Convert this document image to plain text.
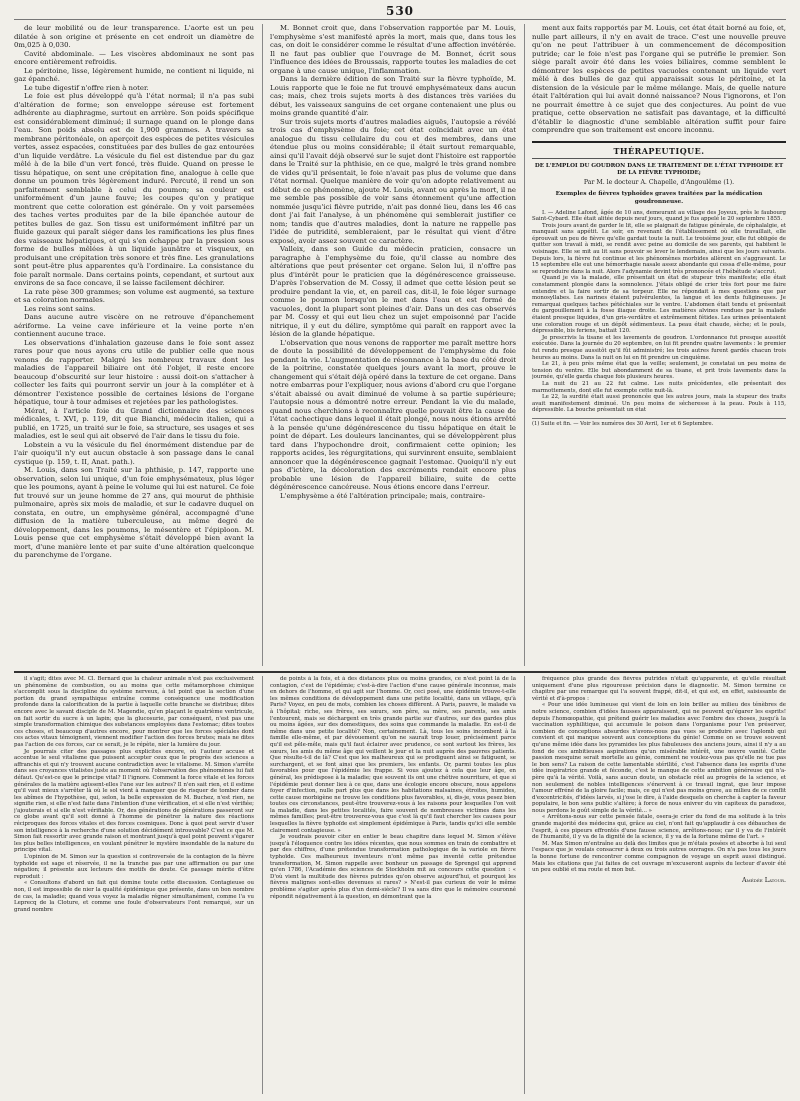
530

de leur mobilité ou de leur transparence. L'aorte est un peu dilatée à son origine et présente en cet endroit un diamètre de 0m,025 à 0,030.

Cavité abdominale. — Les viscères abdominaux ne sont pas encore entièrement refroidis.

Le péritoine, lisse, légèrement humide, ne contient ni liquide, ni gaz épanché.

Le tube digestif n'offre rien à noter.

Le foie est plus développé qu'à l'état normal; il n'a pas subi d'altération de forme; son enveloppe séreuse est fortement adhérente au diaphragme, surtout en arrière. Son poids spécifique est considérablement diminué; il surnage quand on le plonge dans l'eau. Son poids absolu est de 1,900 grammes. A travers sa membrane péritonéale, on aperçoit des espèces de petites vésicules vertes, assez espacées, constituées par des bulles de gaz entourées d'un liquide verdâtre. La vésicule du fiel est distendue par du gaz mêlé à de la bile d'un vert foncé, très fluide. Quand on presse le tissu hépatique, on sent une crépitation fine, analogue à celle que donne un poumon très légèrement induré. Percuté, il rend un son parfaitement semblable à celui du poumon; sa couleur est uniformément d'un jaune fauve; les coupes qu'on y pratique montrent que cette coloration est générale. On y voit parsemées des taches vertes produites par de la bile épanchée autour de petites bulles de gaz. Son tissu est uniformément infiltré par un fluide gazeux qui paraît siéger dans les ramifications les plus fines des vaisseaux hépatiques, et qui s'en échappe par la pression sous forme de bulles mêlées à un liquide jaunâtre et visqueux, en produisant une crépitation très sonore et très fine. Les granulations sont peut-être plus apparentes qu'à l'ordinaire. La consistance du foie paraît normale. Dans certains points, cependant, et surtout aux environs de sa face concave, il se laisse facilement déchirer.

La rate pèse 300 grammes; son volume est augmenté, sa texture et sa coloration normales.

Les reins sont sains.

Dans aucune autre viscère on ne retrouve d'épanchement aériforme. La veine cave inférieure et la veine porte n'en contiennent aucune trace.

Les observations d'inhalation gazeuse dans le foie sont assez rares pour que nous ayons cru utile de publier celle que nous venons de rapporter. Malgré les nombreux travaux dont les maladies de l'appareil biliaire ont été l'objet, il reste encore beaucoup d'obscurité sur leur histoire : aussi doit-on s'attacher à collecter les faits qui pourront servir un jour à la compléter et à démontrer l'existence possible de certaines lésions de l'organe hépatique, tour à tour admises et rejetées par les pathologistes.

Mérat, à l'article foie du Grand dictionnaire des sciences médicales, t. XVI, p. 119, dit que Bianchi, médecin italien, qui a publié, en 1725, un traité sur le foie, sa structure, ses usages et ses maladies, est le seul qui ait observé de l'air dans le tissu du foie.

Lobstein a vu la vésicule du fiel énormément distendue par de l'air quoiqu'il n'y eut aucun obstacle à son passage dans le canal cystique (p. 159, t. II, Anat. path.).

M. Louis, dans son Traité sur la phthisie, p. 147, rapporte une observation, selon lui unique, d'un foie emphysémateux, plus léger que les poumons, ayant à peine le volume qui lui est naturel. Ce foie fut trouvé sur un jeune homme de 27 ans, qui mourut de phthisie pulmonaire, après six mois de maladie, et sur le cadavre duquel on constata, en outre, un emphysème général, accompagné d'une diffusion de la matière tuberculeuse, au même degré de développement, dans les poumons, le mésentère et l'épiploon. M. Louis pense que cet emphysème s'était développé bien avant la mort, d'une manière lente et par suite d'une altération quelconque du parenchyme de l'organe.

M. Bonnet croit que, dans l'observation rapportée par M. Louis, l'emphysème s'est manifesté après la mort, mais que, dans tous les cas, on doit le considérer comme le résultat d'une affection invétérée. Il ne faut pas oublier que l'ouvrage de M. Bonnet, écrit sous l'influence des idées de Broussais, rapporte toutes les maladies de cet organe à une cause unique, l'inflammation.

Dans la dernière édition de son Traité sur la fièvre typhoïde, M. Louis rapporte que le foie ne fut trouvé emphysémateux dans aucun cas; mais, chez trois sujets morts à des distances très variées du début, les vaisseaux sanguins de cet organe contenaient une plus ou moins grande quantité d'air.

Sur trois sujets morts d'autres maladies aiguës, l'autopsie a révélé trois cas d'emphysème du foie; cet état coïncidait avec un état analogue du tissu cellulaire du cou et des membres, dans une étendue plus ou moins considérable; il était surtout remarquable, ainsi qu'il l'avait déjà observé sur le sujet dont l'histoire est rapportée dans le Traité sur la phthisie, en ce que, malgré le très grand nombre de vides qu'il présentait, le foie n'avait pas plus de volume que dans l'état normal. Quelque manière de voir qu'on adopte relativement au début de ce phénomène, ajoute M. Louis, avant ou après la mort, il ne me semble pas possible de voir sans étonnement qu'une affection nommée jusqu'ici fièvre putride, n'ait pas donné lieu, dans les 46 cas dont j'ai fait l'analyse, à un phénomène qui semblerait justifier ce nom; tandis que d'autres maladies, dont la nature ne rappelle pas l'idée de putridité, sembleraient, par le résultat qui vient d'être exposé, avoir assez souvent ce caractère.

Valleix, dans son Guide du médecin praticien, consacre un paragraphe à l'emphysème du foie, qu'il classe au nombre des altérations que peut présenter cet organe. Selon lui, il n'offre pas plus d'intérêt pour le praticien que la dégénérescence graisseuse. D'après l'observation de M. Cossy, il admet que cette lésion peut se produire pendant la vie, et, en pareil cas, dit-il, le foie léger surnage comme le poumon lorsqu'on le met dans l'eau et est formé de vacuoles, dont la plupart sont pleines d'air. Dans un des cas observés par M. Cossy et qui eut lieu chez un sujet empoisonné par l'acide nitrique, il y eut du délire, symptôme qui paraît en rapport avec la lésion de la glande hépatique.

L'observation que nous venons de rapporter me paraît mettre hors de doute la possibilité de développement de l'emphysème du foie pendant la vie. L'augmentation de résonnance à la base du côté droit de la poitrine, constatée quelques jours avant la mort, prouve le changement qui s'était déjà opéré dans la texture de cet organe. Dans notre embarras pour l'expliquer, nous avions d'abord cru que l'organe s'était abaissé ou avait diminué de volume à sa partie supérieure; l'autopsie nous a démontré notre erreur. Pendant la vie du malade, quand nous cherchions à reconnaître quelle pouvait être la cause de l'état cachectique dans lequel il était plongé, nous nous étions arrêté à la pensée qu'une dégénérescence du tissu hépatique en était le point de départ. Les douleurs lancinantes, qui se développèrent plus tard dans l'hypochondre droit, confirmaient cette opinion; les rapports acides, les régurgitations, qui survinrent ensuite, semblaient annoncer que la dégénérescence gagnait l'estomac. Quoiqu'il n'y eut pas d'ictère, la décoloration des excréments rendait encore plus probable une lésion de l'appareil biliaire, suite de cette dégénérescence cancéreuse. Nous étions encore dans l'erreur.

L'emphysème a été l'altération principale; mais, contraire-

ment aux faits rapportés par M. Louis, cet état était borné au foie, et, nulle part ailleurs, il n'y en avait de trace. C'est une nouvelle preuve qu'on ne peut l'attribuer à un commencement de décomposition putride; car le foie n'est pas l'organe qui se putréfie le premier. Son siège paraît avoir été dans les voies biliaires, comme semblent le démontrer les espèces de petites vacuoles contenant un liquide vert mêlé à des bulles de gaz qui apparaissait sous le péritoine, et la distension de la vésicule par le même mélange. Mais, de quelle nature était l'altération qui lui avait donné naissance? Nous l'ignorons, et l'on ne pourrait émettre à ce sujet que des conjectures. Au point de vue pratique, cette observation ne satisfait pas davantage, et la difficulté d'établir le diagnostic d'une semblable altération suffit pour faire comprendre que son traitement est encore inconnu.

THÉRAPEUTIQUE.
DE L'EMPLOI DU GOUDRON DANS LE TRAITEMENT DE L'ÉTAT TYPHOIDE ET DE LA FIÈVRE TYPHOIDE;
Par M. le docteur A. Chapelle, d'Angoulême (1).
Exemples de fièvres typhoïdes graves traitées par la médication goudronneuse.

I. — Adeline Lafond, âgée de 10 ans, demeurant au village des Joyeux, près le faubourg Saint-Cybard. Elle était alitée depuis neuf jours, quand je fus appelé le 20 septembre 1855.

Trois jours avant de garder le lit, elle se plaignait de fatigue générale, de céphalalgie, et manquait sans appétit. Le soir, en revenant de l'établissement où elle travaillait, elle éprouvait un peu de fièvre qu'elle gardait toute la nuit. Le troisième jour, elle fut obligée de quitter son travail à midi, se rendit avec peine au domicile de ses parents, qui habitent le voisinage. Elle se mit au lit sans pouvoir se lever le lendemain, ainsi que les jours suivants. Depuis lors, la fièvre fut continue et les phénomènes morbides allèrent en s'aggravant. Le 15 septembre elle eut une hémorrhagie nasale assez abondante qui cessa d'elle-même, pour se reproduire dans la nuit. Alors l'adynamie devint très prononcée et l'hébétude s'accrut.

Quand je vis la malade, elle présentait un état de stupeur très manifeste; elle était constamment plongée dans la somnolence. J'étais obligé de crier très fort pour me faire entendre et la faire sortir de sa torpeur. Elle ne répondait à mes questions que par monosyllabes. Les narines étaient pulvérulentes, la langue et les dents fuligineuses. Je remarquai quelques taches pétéchiales sur le ventre. L'abdomen était tendu et présentait du gargouillement à la fosse iliaque droite. Les matières alvines rendues par la malade étaient presque liquides, d'un gris-verdâtre et extrêmement fétides. Les urines présentaient une coloration rouge et un dépôt sédimenteux. La peau était chaude, sèche; et le pouls, dépressible, bis feriens, battait 120.

Je prescrivis la tisane et les lavements de goudron. L'ordonnance fut presque aussitôt exécutée. Dans la journée du 20 septembre, on lui fit prendre quatre lavements : le premier fut rendu presque aussitôt qu'il fût administré; les trois autres furent gardés chacun trois heures au moins. Dans la nuit on lui en fit prendre un cinquième.

Le 21, à peu près même état que la veille; seulement, je constatai un peu moins de tension du ventre. Elle but abondamment de sa tisane, et prit trois lavements dans la journée, qu'elle garda chaque fois plusieurs heures.

La nuit du 21 au 22 fut calme. Les nuits précédentes, elle présentait des marmottements, dont elle fut exempte cette nuit-là.

Le 22, la surdité était aussi prononcée que les autres jours, mais la stupeur des traits avait manifestement diminué. Un peu moins de sécheresse à la peau. Pouls à 115, dépressible. La bouche présentait un état

(1) Suite et fin. — Voir les numéros des 30 Avril, 1er et 6 Septembre.

il s'agit; dites avec M. Cl. Bernard que la chaleur animale n'est pas exclusivement un phénomène de combustion, ou au moins que cette métamorphose chimique s'accomplit sous la discipline du système nerveux, à tel point que la section d'une portion du grand sympathique entraîne comme conséquence une modification profonde dans la calorification de la partie à laquelle cette branche se distribue; dites encore avec le savant disciple de M. Magendie, qu'en plaçant le quatrième ventricule, on fait sortir du sucre à un lapin; que la glucosurie, par conséquent, n'est pas une simple transformation chimique des substances employées dans l'estomac; dites toutes ces choses, et beaucoup d'autres encore, pour montrer que les forces spéciales dont ces actes vitaux témoignent, viennent modifier l'action des forces brutes; mais ne dites pas l'action de ces forces, car ce serait, je le répète, nier la lumière du jour.

Je pourrais citer des passages plus explicites encore, où l'auteur accuse et accentue le seul vitalisme que puissent accepter ceux que le progrès des sciences a affranchis et qui n'y trouvent aucune contradiction avec le vitalisme. M. Simon s'arrête dans ses croyances vitalistes juste au moment où l'observation des phénomènes lui fait défaut. Qu'est-ce que le principe vital? Il l'ignore. Comment la force vitale et les forces générales de la matière agissent-elles l'une sur les autres? Il n'en sait rien, et il estime qu'il vaut mieux s'arrêter là où le sol vient à manquer que de risquer de tomber dans les abîmes de l'hypothèse, qui, selon, la belle expression de M. Buchez, n'est rien, ne signifie rien, si elle n'est faite dans l'intention d'une vérification, et si elle n'est vérifiée; j'ajouterais et si elle n'est vérifiable. Or, des générations de générations passeront sur ce globe avant qu'il soit donné à l'homme de pénétrer la nature des réactions réciproques des forces vitales et des forces cosmiques. Donc à quoi peut servir d'user son intelligence à la recherche d'une solution décidément introuvable? C'est ce que M. Simon fait ressortir avec grande raison et montrant jusqu'à quel point peuvent s'égarer les plus belles intelligences, en voulant pénétrer le mystère insondable de la nature du principe vital.

L'opinion de M. Simon sur la question si controversée de la contagion de la fièvre typhoïde est sage et réservée, il ne la tranche pas par une affirmation ou par une négation; il présente aux lecteurs des motifs de doute. Ce passage mérite d'être reproduit :

« Consultons d'abord un fait qui domine toute cette discussion. Contagieuse ou non, il est impossible de nier la qualité épidémique que présente, dans un bon nombre de cas, la maladie; quand vous voyez la maladie régner simultanément, comme l'a vu Leprecq de la Cloture, et comme une foule d'observateurs l'ont remarqué, sur un grand nombre

de points à la fois, et à des distances plus ou moins grandes, ce n'est point là de la contagion, c'est de l'épidémie; c'est-à-dire l'action d'une cause générale inconnue, mais en dehors de l'homme, et qui agit sur l'homme. Or, ceci posé, une épidémie trouve-t-elle les mêmes conditions de développement dans une petite localité, dans un village, qu'à Paris? Voyez, en peu de mots, combien les choses diffèrent. A Paris, pauvre, le malade va à l'hôpital; riche, ses frères, ses sœurs, son père, sa mère, ses parents, ses amis l'entourent, mais se déchargent en très grande partie sur d'autres, sur des gardes plus ou moins âgées, sur des domestiques, des soins que commande la maladie. En est-il de même dans une petite localité? Non, certainement. Là, tous les soins incombent à la famille elle-même, et par dévouement qu'on ne saurait trop louer, précisément parce qu'il est pêle-mêle, mais qu'il faut éclairer avec prudence, ce sont surtout les frères, les sœurs, les amis du même âge qui veillent le jour et la nuit auprès des pauvres patients. Que résulte-t-il de là? C'est que les malheureux qui se prodiguent ainsi se fatiguent, se surchargent, et se font ainsi que les premiers, les enfants. Or, parmi toutes les plus favorables pour que l'épidémie les frappe. Si vous ajoutez à cela que leur âge, en général, les prédispose à la maladie; que souvent ils ont une chétive nourriture, et que si l'épidémie peut donner lieu à ce que, dans une écologie encore obscure, nous appelons foyer d'infection, nulle part plus que dans les habitations malsaines, étroites, humides, cette cause morbigène ne trouve les conditions plus favorables, si, dis-je, vous pesez bien toutes ces circonstances, peut-être trouverez-vous à les raisons pour lesquelles l'on voit la maladie, dans les petites localités, faire souvent de nombreuses victimes dans les mêmes familles; peut-être trouverez-vous que c'est là qu'il faut chercher les causes pour lesquelles la fièvre typhoïde est simplement épidémique à Paris, tandis qu'ici elle semble clairement contagieuse. »

Je voudrais pouvoir citer en entier le beau chapitre dans lequel M. Simon s'élève jusqu'à l'éloquence contre les idées récentes, que nous sommes en train de combattre et par des chiffres, d'une prétendue transformation pathologique de la variole en fièvre typhoïde. Ces malheureux inventeurs n'ont même pas inventé cette prétendue transformation, M. Simon rappelle avec bonheur un passage de Sprengel qui apprend qu'en 1786, l'Académie des sciences de Stockholm mit au concours cette question : « D'où vient la multitude des fièvres putrides qu'on observe aujourd'hui, et pourquoi les fièvres malignes sont-elles devenues si rares? » N'est-il pas curieux de voir le même problème s'agiter après plus d'un demi-siècle? Il va sans dire que le mémoire couronné répondit négativement à la question, en démontrant que la

fréquence plus grande des fièvres putrides n'était qu'apparente, et qu'elle résultait uniquement d'une plus rigoureuse précision dans le diagnostic. M. Simon termine ce chapitre par une remarque qui l'a souvent frappé, dit-il, et qui est, en effet, saisissante de vérité et d'à-propos :

« Pour une idée lumineuse qui vient de loin en loin briller au milieu des ténèbres de notre science, combien d'idées fausses apparaissent, qui ne peuvent qu'égarer les esprits! depuis l'homœopathie, qui prétend guérir les maladies avec l'ombre des choses, jusqu'à la vaccination syphilitique, qui accumule le poison dans l'organisme pour l'en préserver, combien de conceptions absurdes n'avons-nous pas vues se produire avec l'aplomb qui convient et qui manque souvent aux conceptions du génie! Comme on se trouve souvent qu'une même idée dans les pyramides les plus fabuleuses des anciens jours, ainsi il n'y a au fond de ces ambitieuses aspirations qu'un misérable intérêt, une œuvre vanité. Cette passion mesquine serait mortelle au génie, comment ne voulez-vous pas qu'elle ne tue pas le bon sens? La raison de cette lamentable stérilité, c'est l'absence dans les esprits d'une idée inspiratrice grande et féconde, c'est le manque de cette ambition généreuse qui n'a-père qu'à la vérité. Voilà, sans aucun doute, un obstacle réel au progrès de la science, et non seulement de nobles intelligences s'énervent à ce travail ingrat, que leur impose l'amour effréné de la gloire facile; mais, ce qui n'est pas moins grave, au milieu de ce conflit d'excentricités, d'idées larvés, si j'ose le dire, à l'aide desquels on cherche à capter la faveur populaire, le bon sens public s'altère; à force de nous enivrer du vin capiteux du paradoxe, nous perdons le goût simple de la vérité... »

« Arrêtons-nous sur cette pensée fatale, osera-je crier du fond de ma solitude à la très grande majorité des médecins qui, grâce au ciel, n'ont fait qu'applaudir à ces débauches de l'esprit, à ces pipeurs effrontés d'une fausse science, arrêtons-nous; car il y va de l'intérêt de l'humanité, il y va de la dignité de la science, il y va de la fortune même de l'art. »

M. Max Simon m'entraîne au delà des limites que je m'étais posées et absorbe à lui seul l'espace que je voulais consacrer à deux ou trois autres ouvrages. On n'a pas tous les jours la bonne fortune de rencontrer comme compagnon de voyage un esprit aussi distingué. Mais les citations que j'ai faites de cet ouvrage m'excuseront auprès du lecteur d'avoir été un peu oublié et ma route et mon but.

Amédée Latour.
